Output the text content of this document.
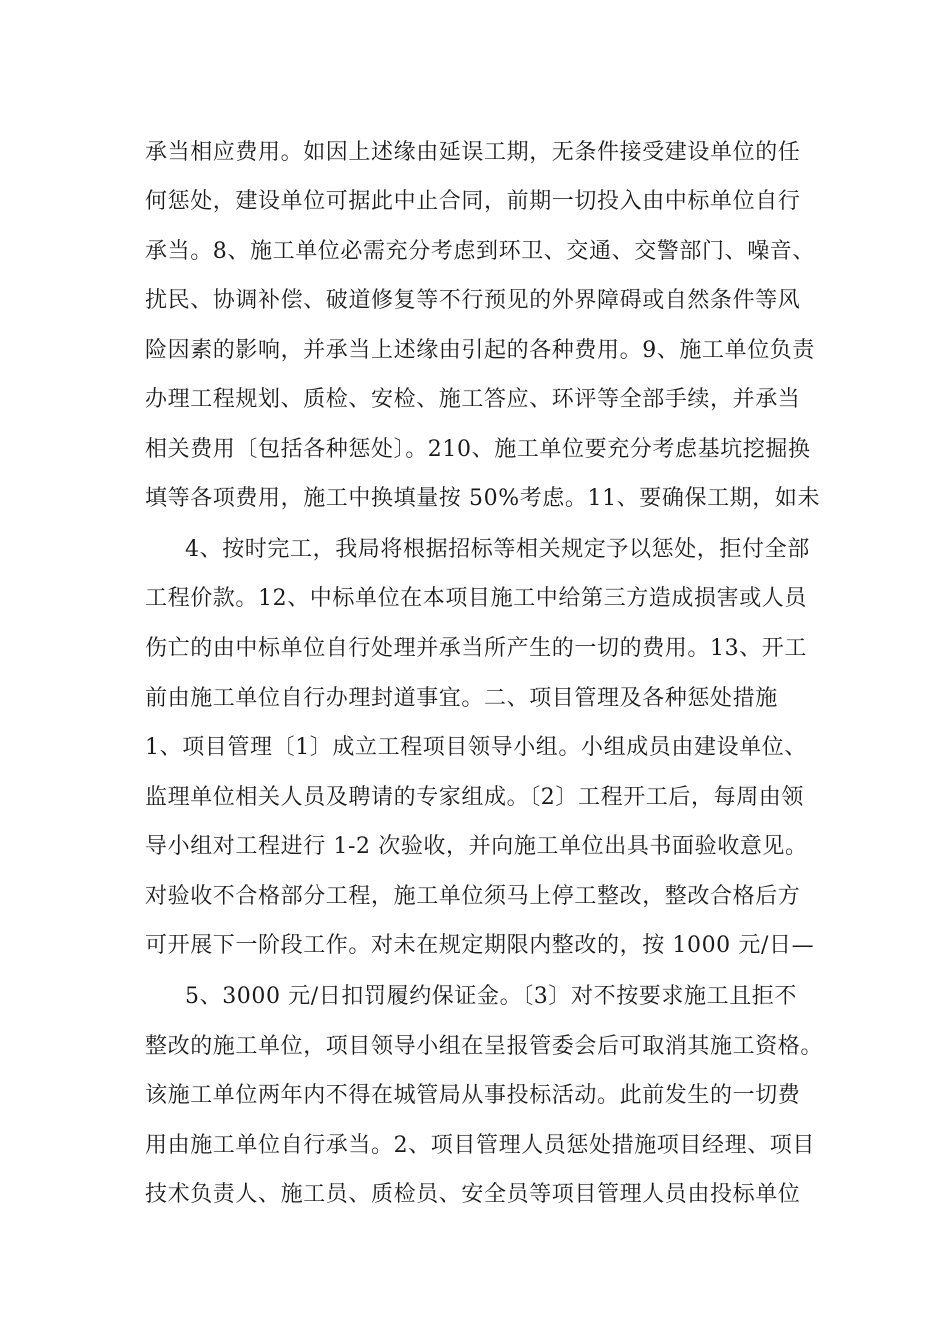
承当相应费用。如因上述缘由延误工期，无条件接受建设单位的任
何惩处，建设单位可据此中止合同，前期一切投入由中标单位自行
承当。8、施工单位必需充分考虑到环卫、交通、交警部门、噪音、
扰民、协调补偿、破道修复等不行预见的外界障碍或自然条件等风
险因素的影响，并承当上述缘由引起的各种费用。9、施工单位负责
办理工程规划、质检、安检、施工答应、环评等全部手续，并承当
相关费用〔包括各种惩处〕。210、施工单位要充分考虑基坑挖掘换
填等各项费用，施工中换填量按 50%考虑。11、要确保工期，如未
4、按时完工，我局将根据招标等相关规定予以惩处，拒付全部
工程价款。12、中标单位在本项目施工中给第三方造成损害或人员
伤亡的由中标单位自行处理并承当所产生的一切的费用。13、开工
前由施工单位自行办理封道事宜。二、项目管理及各种惩处措施
1、项目管理〔1〕成立工程项目领导小组。小组成员由建设单位、
监理单位相关人员及聘请的专家组成。〔2〕工程开工后，每周由领
导小组对工程进行 1-2 次验收，并向施工单位出具书面验收意见。
对验收不合格部分工程，施工单位须马上停工整改，整改合格后方
可开展下一阶段工作。对未在规定期限内整改的，按 1000 元/日—
5、3000 元/日扣罚履约保证金。〔3〕对不按要求施工且拒不
整改的施工单位，项目领导小组在呈报管委会后可取消其施工资格。
该施工单位两年内不得在城管局从事投标活动。此前发生的一切费
用由施工单位自行承当。2、项目管理人员惩处措施项目经理、项目
技术负责人、施工员、质检员、安全员等项目管理人员由投标单位
